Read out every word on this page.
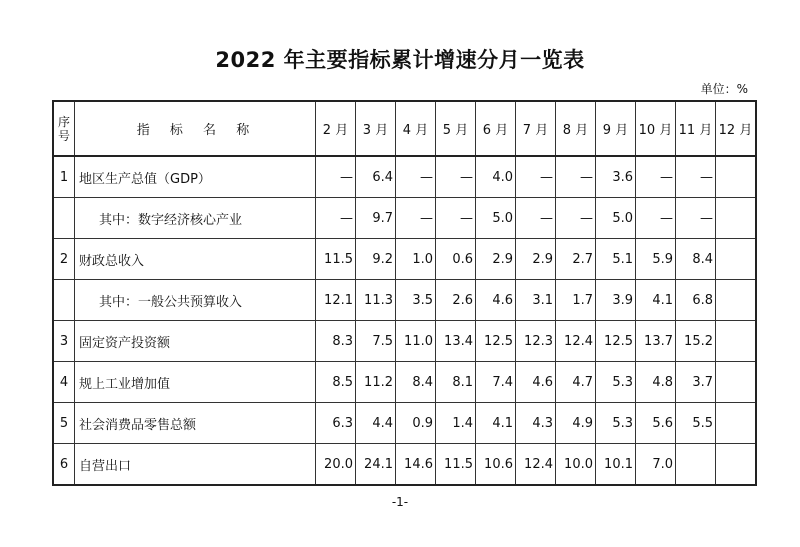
2022 年主要指标累计增速分月一览表
单位：%
序号	指 标 名 称	2 月	3 月	4 月	5 月	6 月	7 月	8 月	9 月	10 月	11 月	12 月
1	地区生产总值（GDP）	—	6.4	—	—	4.0	—	—	3.6	—	—	
	其中：数字经济核心产业	—	9.7	—	—	5.0	—	—	5.0	—	—	
2	财政总收入	11.5	9.2	1.0	0.6	2.9	2.9	2.7	5.1	5.9	8.4	
	其中：一般公共预算收入	12.1	11.3	3.5	2.6	4.6	3.1	1.7	3.9	4.1	6.8	
3	固定资产投资额	8.3	7.5	11.0	13.4	12.5	12.3	12.4	12.5	13.7	15.2	
4	规上工业增加值	8.5	11.2	8.4	8.1	7.4	4.6	4.7	5.3	4.8	3.7	
5	社会消费品零售总额	6.3	4.4	0.9	1.4	4.1	4.3	4.9	5.3	5.6	5.5	
6	自营出口	20.0	24.1	14.6	11.5	10.6	12.4	10.0	10.1	7.0		
-1-
